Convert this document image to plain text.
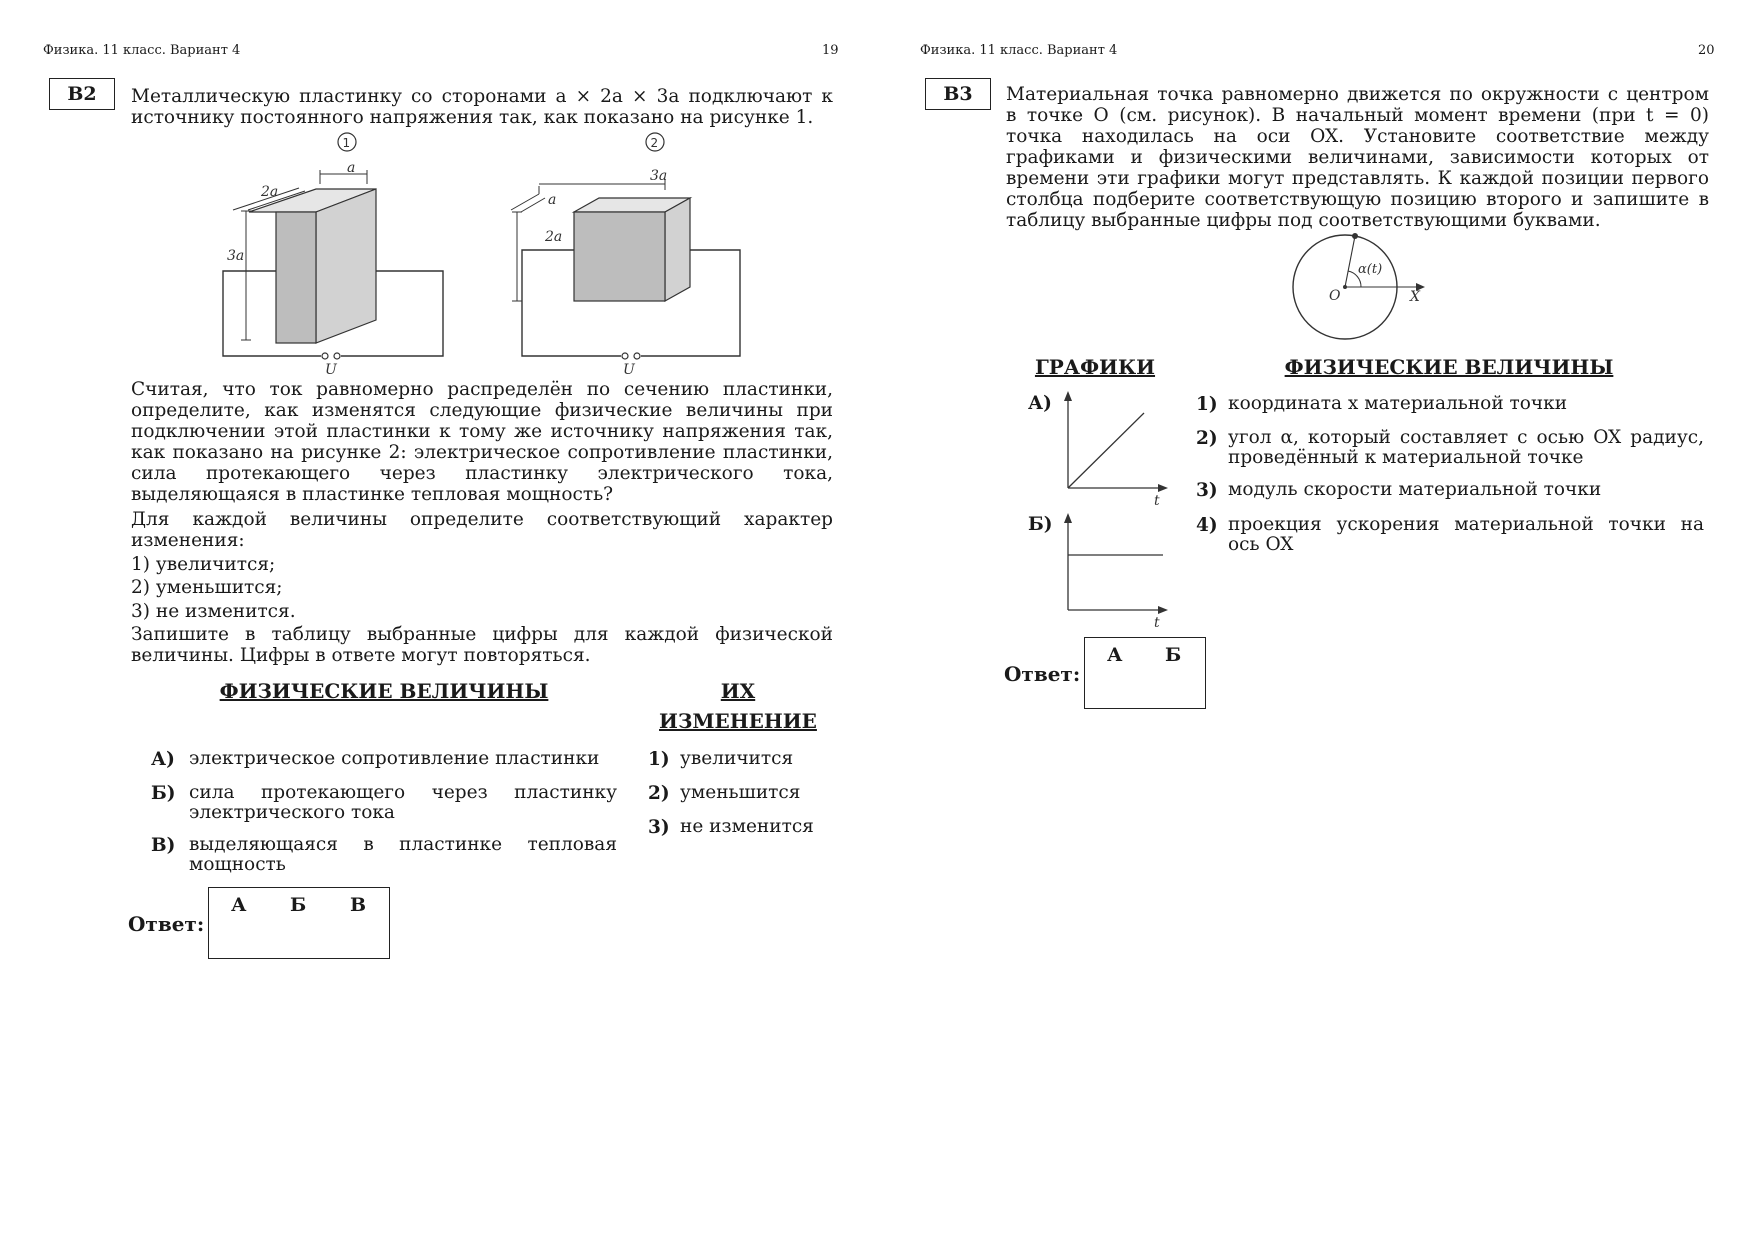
Физика. 11 класс. Вариант 4	19
B2	Металлическую пластинку со сторонами a × 2a × 3a подключают к источнику постоянного напряжения так, как показано на рисунке 1.
1
a
2a
3a
U
2
3a
a
2a
U
Считая, что ток равномерно распределён по сечению пластинки, определите, как изменятся следующие физические величины при подключении этой пластинки к тому же источнику напряжения так, как показано на рисунке 2: электрическое сопротивление пластинки, сила протекающего через пластинку электрического тока, выделяющаяся в пластинке тепловая мощность?
Для каждой величины определите соответствующий характер изменения:
1) увеличится;
2) уменьшится;
3) не изменится.
Запишите в таблицу выбранные цифры для каждой физической величины. Цифры в ответе могут повторяться.
ФИЗИЧЕСКИЕ ВЕЛИЧИНЫ	ИХ
ИЗМЕНЕНИЕ
А) электрическое сопротивление пластинки
Б) сила протекающего через пластинку электрического тока
В) выделяющаяся в пластинке тепловая мощность
1) увеличится
2) уменьшится
3) не изменится
Ответ:
А Б В
Физика. 11 класс. Вариант 4	20
B3	Материальная точка равномерно движется по окружности с центром в точке O (см. рисунок). В начальный момент времени (при t = 0) точка находилась на оси OX. Установите соответствие между графиками и физическими величинами, зависимости которых от времени эти графики могут представлять. К каждой позиции первого столбца подберите соответствующую позицию второго и запишите в таблицу выбранные цифры под соответствующими буквами.
α(t)
O	X
ГРАФИКИ	ФИЗИЧЕСКИЕ ВЕЛИЧИНЫ
А)
t
Б)
t
1) координата x материальной точки
2) угол α, который составляет с осью OX радиус, проведённый к материальной точке
3) модуль скорости материальной точки
4) проекция ускорения материальной точки на ось OX
Ответ:
А Б
